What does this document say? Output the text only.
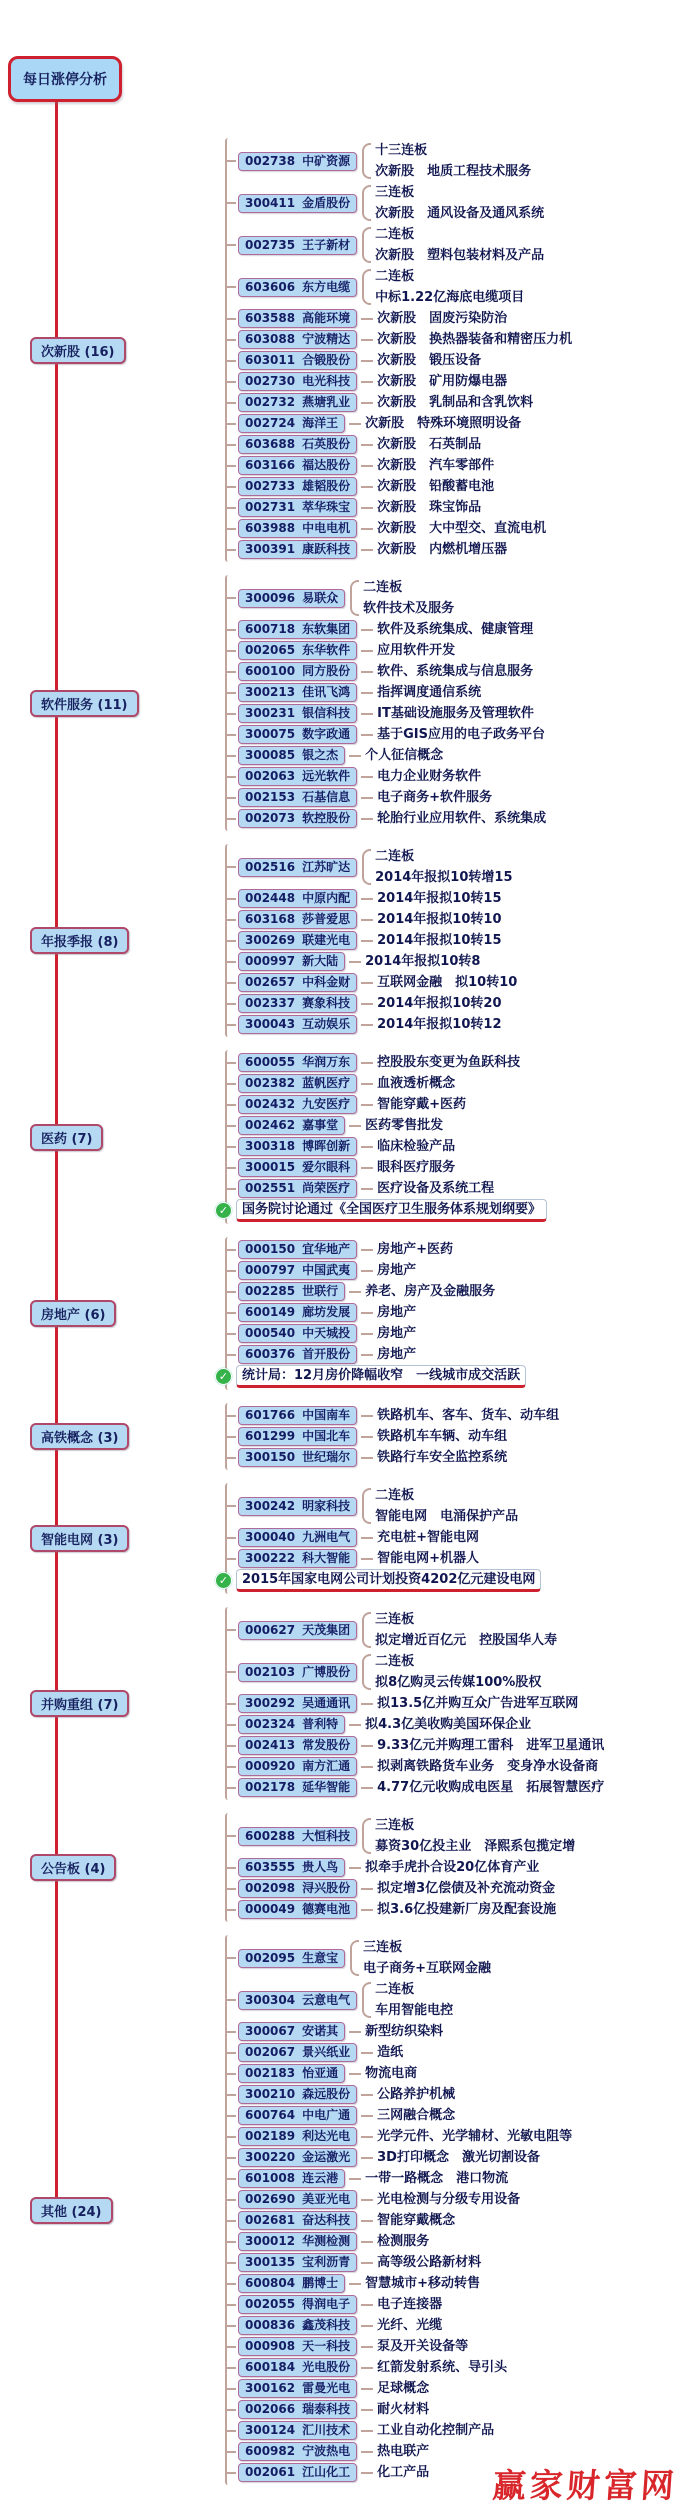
每日涨停分析
次新股 (16)
002738 中矿资源
十三连板
次新股　地质工程技术服务
300411 金盾股份
三连板
次新股　通风设备及通风系统
002735 王子新材
二连板
次新股　塑料包装材料及产品
603606 东方电缆
二连板
中标1.22亿海底电缆项目
603588 高能环境	次新股　固废污染防治
603088 宁波精达	次新股　换热器装备和精密压力机
603011 合锻股份	次新股　锻压设备
002730 电光科技	次新股　矿用防爆电器
002732 燕塘乳业	次新股　乳制品和含乳饮料
002724 海洋王	次新股　特殊环境照明设备
603688 石英股份	次新股　石英制品
603166 福达股份	次新股　汽车零部件
002733 雄韬股份	次新股　铅酸蓄电池
002731 萃华珠宝	次新股　珠宝饰品
603988 中电电机	次新股　大中型交、直流电机
300391 康跃科技	次新股　内燃机增压器
软件服务 (11)
300096 易联众
二连板
软件技术及服务
600718 东软集团	软件及系统集成、健康管理
002065 东华软件	应用软件开发
600100 同方股份	软件、系统集成与信息服务
300213 佳讯飞鸿	指挥调度通信系统
300231 银信科技	IT基础设施服务及管理软件
300075 数字政通	基于GIS应用的电子政务平台
300085 银之杰	个人征信概念
002063 远光软件	电力企业财务软件
002153 石基信息	电子商务+软件服务
002073 软控股份	轮胎行业应用软件、系统集成
年报季报 (8)
002516 江苏旷达
二连板
2014年报拟10转增15
002448 中原内配	2014年报拟10转15
603168 莎普爱思	2014年报拟10转10
300269 联建光电	2014年报拟10转15
000997 新大陆	2014年报拟10转8
002657 中科金财	互联网金融　拟10转10
002337 赛象科技	2014年报拟10转20
300043 互动娱乐	2014年报拟10转12
医药 (7)
600055 华润万东	控股股东变更为鱼跃科技
002382 蓝帆医疗	血液透析概念
002432 九安医疗	智能穿戴+医药
002462 嘉事堂	医药零售批发
300318 博晖创新	临床检验产品
300015 爱尔眼科	眼科医疗服务
002551 尚荣医疗	医疗设备及系统工程
✓	国务院讨论通过《全国医疗卫生服务体系规划纲要》
房地产 (6)
000150 宜华地产	房地产+医药
000797 中国武夷	房地产
002285 世联行	养老、房产及金融服务
600149 廊坊发展	房地产
000540 中天城投	房地产
600376 首开股份	房地产
✓	统计局：12月房价降幅收窄　一线城市成交活跃
高铁概念 (3)
601766 中国南车	铁路机车、客车、货车、动车组
601299 中国北车	铁路机车车辆、动车组
300150 世纪瑞尔	铁路行车安全监控系统
智能电网 (3)
300242 明家科技
二连板
智能电网　电涌保护产品
300040 九洲电气	充电桩+智能电网
300222 科大智能	智能电网+机器人
✓	2015年国家电网公司计划投资4202亿元建设电网
并购重组 (7)
000627 天茂集团
三连板
拟定增近百亿元　控股国华人寿
002103 广博股份
二连板
拟8亿购灵云传媒100%股权
300292 吴通通讯	拟13.5亿并购互众广告进军互联网
002324 普利特	拟4.3亿美收购美国环保企业
002413 常发股份	9.33亿元并购理工雷科　进军卫星通讯
000920 南方汇通	拟剥离铁路货车业务　变身净水设备商
002178 延华智能	4.77亿元收购成电医星　拓展智慧医疗
公告板 (4)
600288 大恒科技
三连板
募资30亿投主业　泽熙系包揽定增
603555 贵人鸟	拟牵手虎扑合设20亿体育产业
002098 浔兴股份	拟定增3亿偿债及补充流动资金
000049 德赛电池	拟3.6亿投建新厂房及配套设施
其他 (24)
002095 生意宝
三连板
电子商务+互联网金融
300304 云意电气
二连板
车用智能电控
300067 安诺其	新型纺织染料
002067 景兴纸业	造纸
002183 怡亚通	物流电商
300210 森远股份	公路养护机械
600764 中电广通	三网融合概念
002189 利达光电	光学元件、光学辅材、光敏电阻等
300220 金运激光	3D打印概念　激光切割设备
601008 连云港	一带一路概念　港口物流
002690 美亚光电	光电检测与分级专用设备
002681 奋达科技	智能穿戴概念
300012 华测检测	检测服务
300135 宝利沥青	高等级公路新材料
600804 鹏博士	智慧城市+移动转售
002055 得润电子	电子连接器
000836 鑫茂科技	光纤、光缆
000908 天一科技	泵及开关设备等
600184 光电股份	红箭发射系统、导引头
300162 雷曼光电	足球概念
002066 瑞泰科技	耐火材料
300124 汇川技术	工业自动化控制产品
600982 宁波热电	热电联产
002061 江山化工	化工产品 赢家财富网
